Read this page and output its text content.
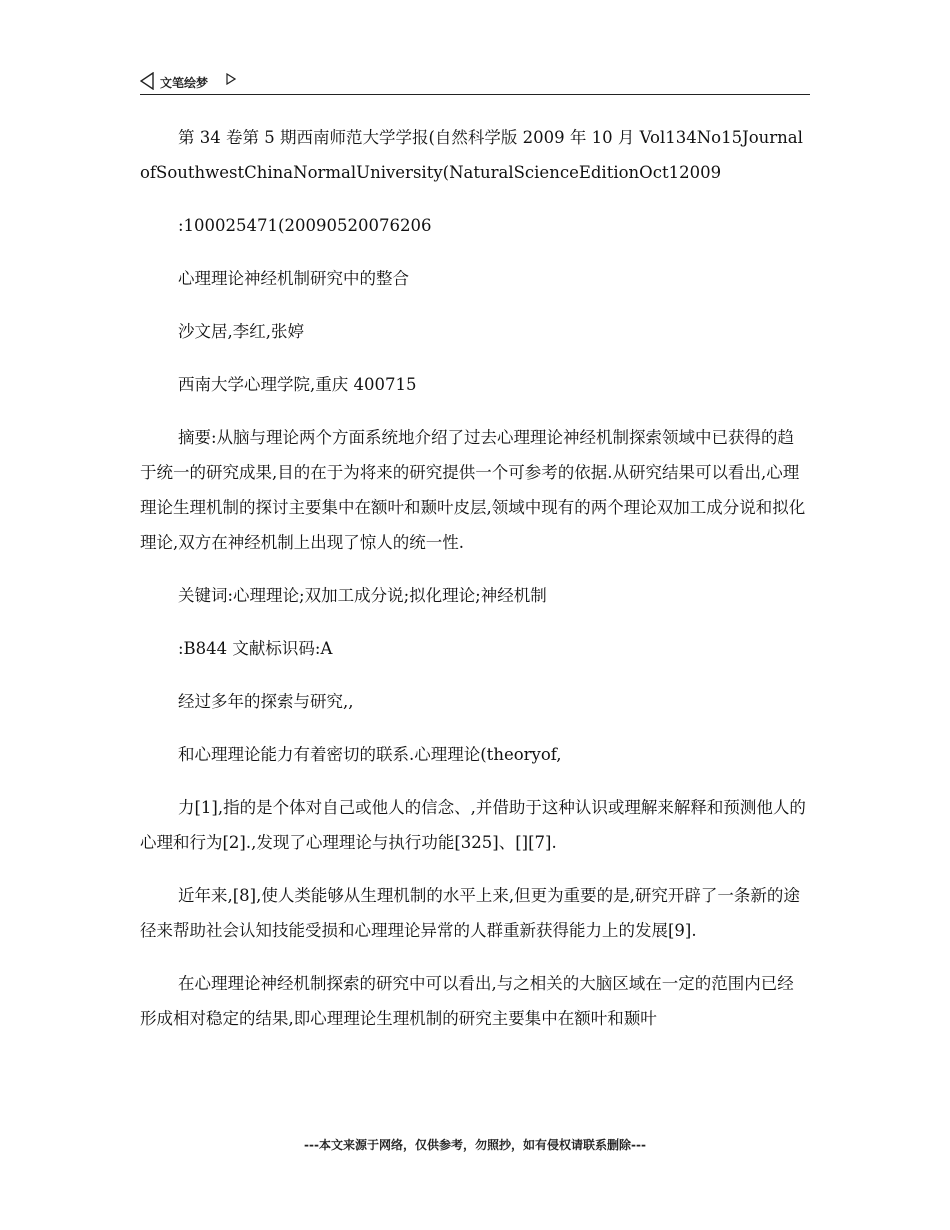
文笔绘梦

第 34 卷第 5 期西南师范大学学报(自然科学版 2009 年 10 月 Vol134No15JournalofSouthwestChinaNormalUniversity(NaturalScienceEditionOct12009

:100025471(20090520076206

心理理论神经机制研究中的整合

沙文居,李红,张婷

西南大学心理学院,重庆 400715

摘要:从脑与理论两个方面系统地介绍了过去心理理论神经机制探索领域中已获得的趋于统一的研究成果,目的在于为将来的研究提供一个可参考的依据.从研究结果可以看出,心理理论生理机制的探讨主要集中在额叶和颞叶皮层,领域中现有的两个理论双加工成分说和拟化理论,双方在神经机制上出现了惊人的统一性.

关键词:心理理论;双加工成分说;拟化理论;神经机制

:B844 文献标识码:A

经过多年的探索与研究,,

和心理理论能力有着密切的联系.心理理论(theoryof,

力[1],指的是个体对自己或他人的信念、,并借助于这种认识或理解来解释和预测他人的心理和行为[2].,发现了心理理论与执行功能[325]、[][7].

近年来,[8],使人类能够从生理机制的水平上来,但更为重要的是,研究开辟了一条新的途径来帮助社会认知技能受损和心理理论异常的人群重新获得能力上的发展[9].

在心理理论神经机制探索的研究中可以看出,与之相关的大脑区域在一定的范围内已经形成相对稳定的结果,即心理理论生理机制的研究主要集中在额叶和颞叶

---本文来源于网络，仅供参考，勿照抄，如有侵权请联系删除---
